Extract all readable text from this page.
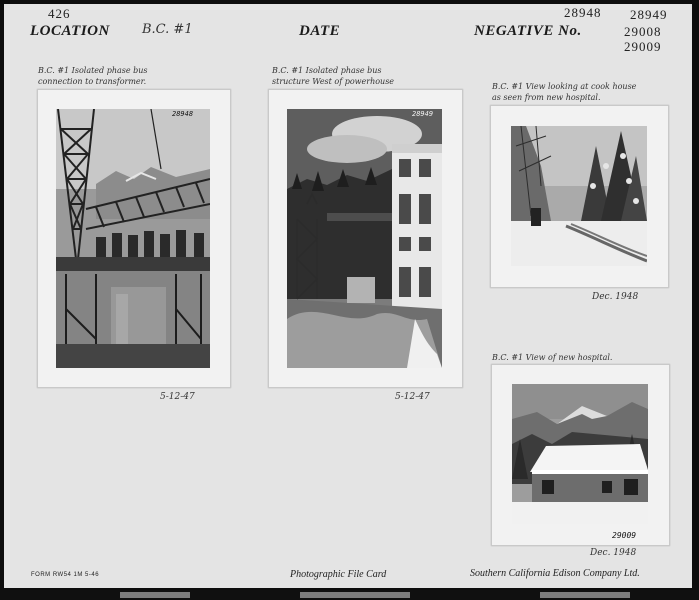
426
LOCATION B.C. #1	DATE	NEGATIVE No.
28948 28949
29008
29009
B.C. #1 Isolated phase bus
connection to transformer.
28948
5-12-47
B.C. #1 Isolated phase bus
structure West of powerhouse
28949
5-12-47
B.C. #1 View looking at cook house
as seen from new hospital.
Dec. 1948
B.C. #1 View of new hospital.
29009
Dec. 1948
FORM RW54 1M 5-46	Photographic File Card	Southern California Edison Company Ltd.
